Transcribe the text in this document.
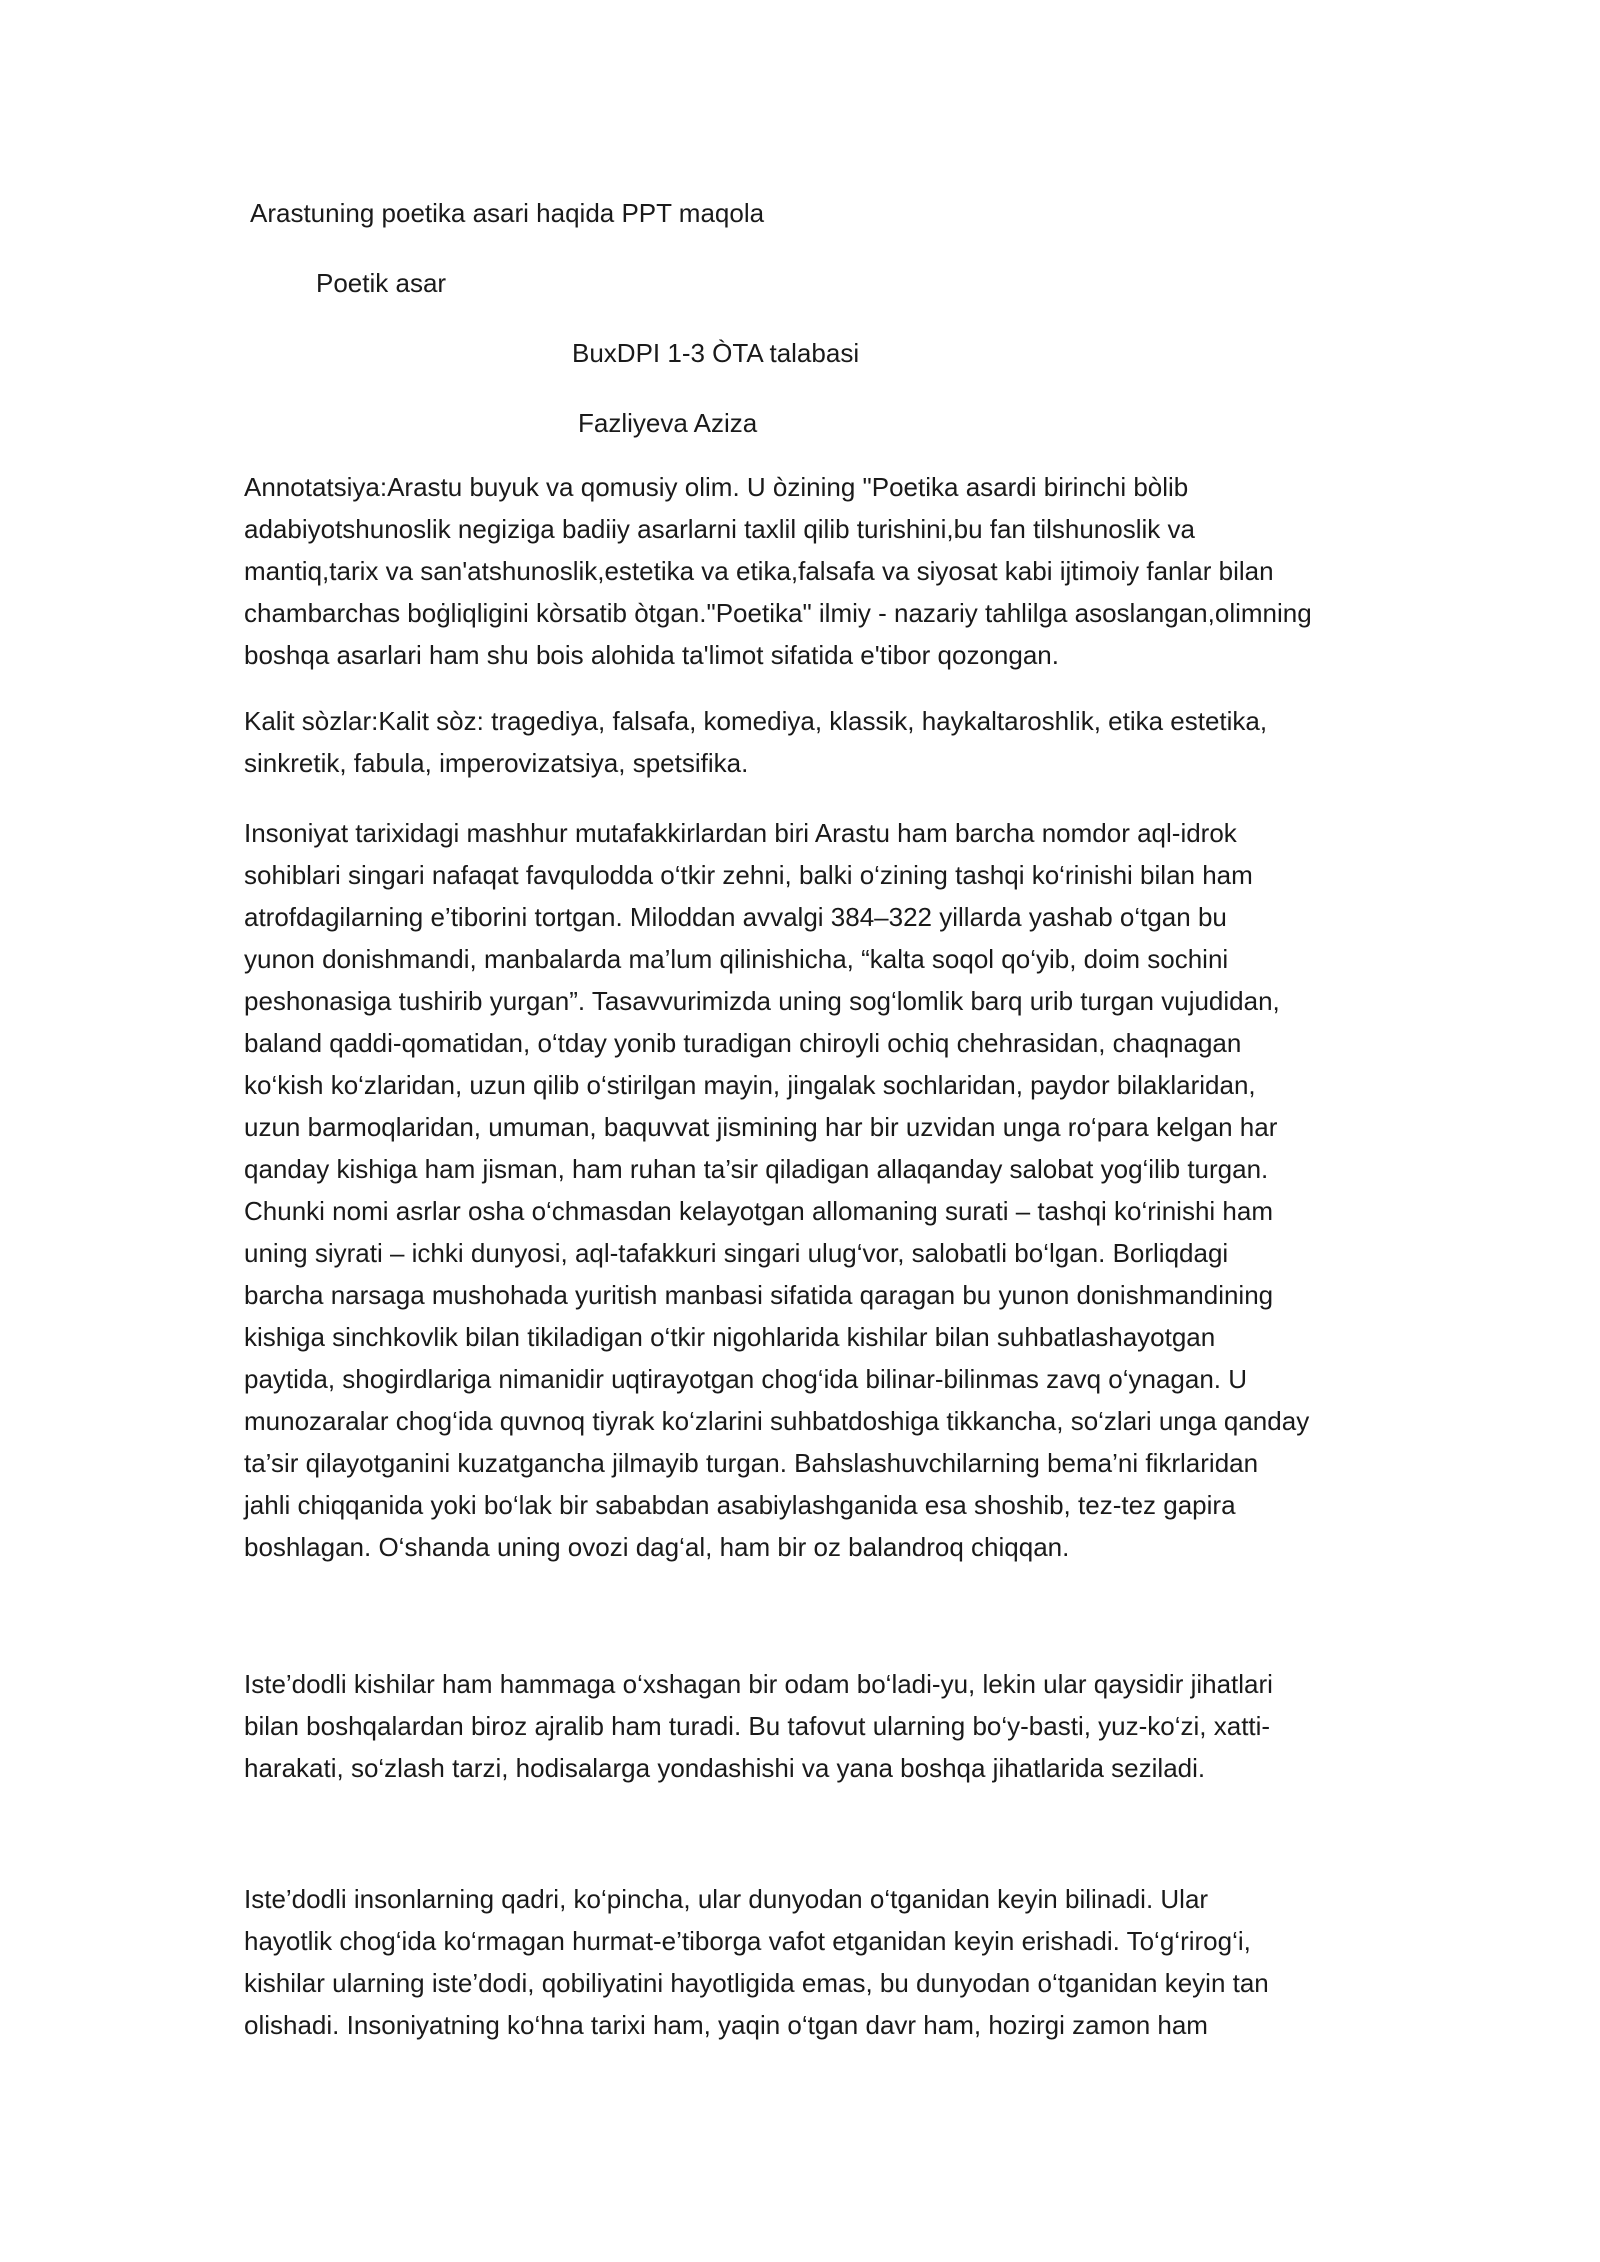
Arastuning poetika asari haqida PPT maqola
Poetik asar
BuxDPI 1-3 ÒTA talabasi
Fazliyeva Aziza
Annotatsiya:Arastu buyuk va qomusiy olim. U òzining "Poetika asardi birinchi bòlib
adabiyotshunoslik negiziga badiiy asarlarni taxlil qilib turishini,bu fan tilshunoslik va
mantiq,tarix va san'atshunoslik,estetika va etika,falsafa va siyosat kabi ijtimoiy fanlar bilan
chambarchas boġliqligini kòrsatib òtgan."Poetika" ilmiy - nazariy tahlilga asoslangan,olimning
boshqa asarlari ham shu bois alohida ta'limot sifatida e'tibor qozongan.
Kalit sòzlar:Kalit sòz: tragediya, falsafa, komediya, klassik, haykaltaroshlik, etika estetika,
sinkretik, fabula, imperovizatsiya, spetsifika.
Insoniyat tarixidagi mashhur mutafakkirlardan biri Arastu ham barcha nomdor aql-idrok
sohiblari singari nafaqat favqulodda o‘tkir zehni, balki o‘zining tashqi ko‘rinishi bilan ham
atrofdagilarning e’tiborini tortgan. Miloddan avvalgi 384–322 yillarda yashab o‘tgan bu
yunon donishmandi, manbalarda ma’lum qilinishicha, “kalta soqol qo‘yib, doim sochini
peshonasiga tushirib yurgan”. Tasavvurimizda uning sog‘lomlik barq urib turgan vujudidan,
baland qaddi-qomatidan, o‘tday yonib turadigan chiroyli ochiq chehrasidan, chaqnagan
ko‘kish ko‘zlaridan, uzun qilib o‘stirilgan mayin, jingalak sochlaridan, paydor bilaklaridan,
uzun barmoqlaridan, umuman, baquvvat jismining har bir uzvidan unga ro‘para kelgan har
qanday kishiga ham jisman, ham ruhan ta’sir qiladigan allaqanday salobat yog‘ilib turgan.
Chunki nomi asrlar osha o‘chmasdan kelayotgan allomaning surati – tashqi ko‘rinishi ham
uning siyrati – ichki dunyosi, aql-tafakkuri singari ulug‘vor, salobatli bo‘lgan. Borliqdagi
barcha narsaga mushohada yuritish manbasi sifatida qaragan bu yunon donishmandining
kishiga sinchkovlik bilan tikiladigan o‘tkir nigohlarida kishilar bilan suhbatlashayotgan
paytida, shogirdlariga nimanidir uqtirayotgan chog‘ida bilinar-bilinmas zavq o‘ynagan. U
munozaralar chog‘ida quvnoq tiyrak ko‘zlarini suhbatdoshiga tikkancha, so‘zlari unga qanday
ta’sir qilayotganini kuzatgancha jilmayib turgan. Bahslashuvchilarning bema’ni fikrlaridan
jahli chiqqanida yoki bo‘lak bir sababdan asabiylashganida esa shoshib, tez-tez gapira
boshlagan. O‘shanda uning ovozi dag‘al, ham bir oz balandroq chiqqan.
Iste’dodli kishilar ham hammaga o‘xshagan bir odam bo‘ladi-yu, lekin ular qaysidir jihatlari
bilan boshqalardan biroz ajralib ham turadi. Bu tafovut ularning bo‘y-basti, yuz-ko‘zi, xatti-
harakati, so‘zlash tarzi, hodisalarga yondashishi va yana boshqa jihatlarida seziladi.
Iste’dodli insonlarning qadri, ko‘pincha, ular dunyodan o‘tganidan keyin bilinadi. Ular
hayotlik chog‘ida ko‘rmagan hurmat-e’tiborga vafot etganidan keyin erishadi. To‘g‘rirog‘i,
kishilar ularning iste’dodi, qobiliyatini hayotligida emas, bu dunyodan o‘tganidan keyin tan
olishadi. Insoniyatning ko‘hna tarixi ham, yaqin o‘tgan davr ham, hozirgi zamon ham
